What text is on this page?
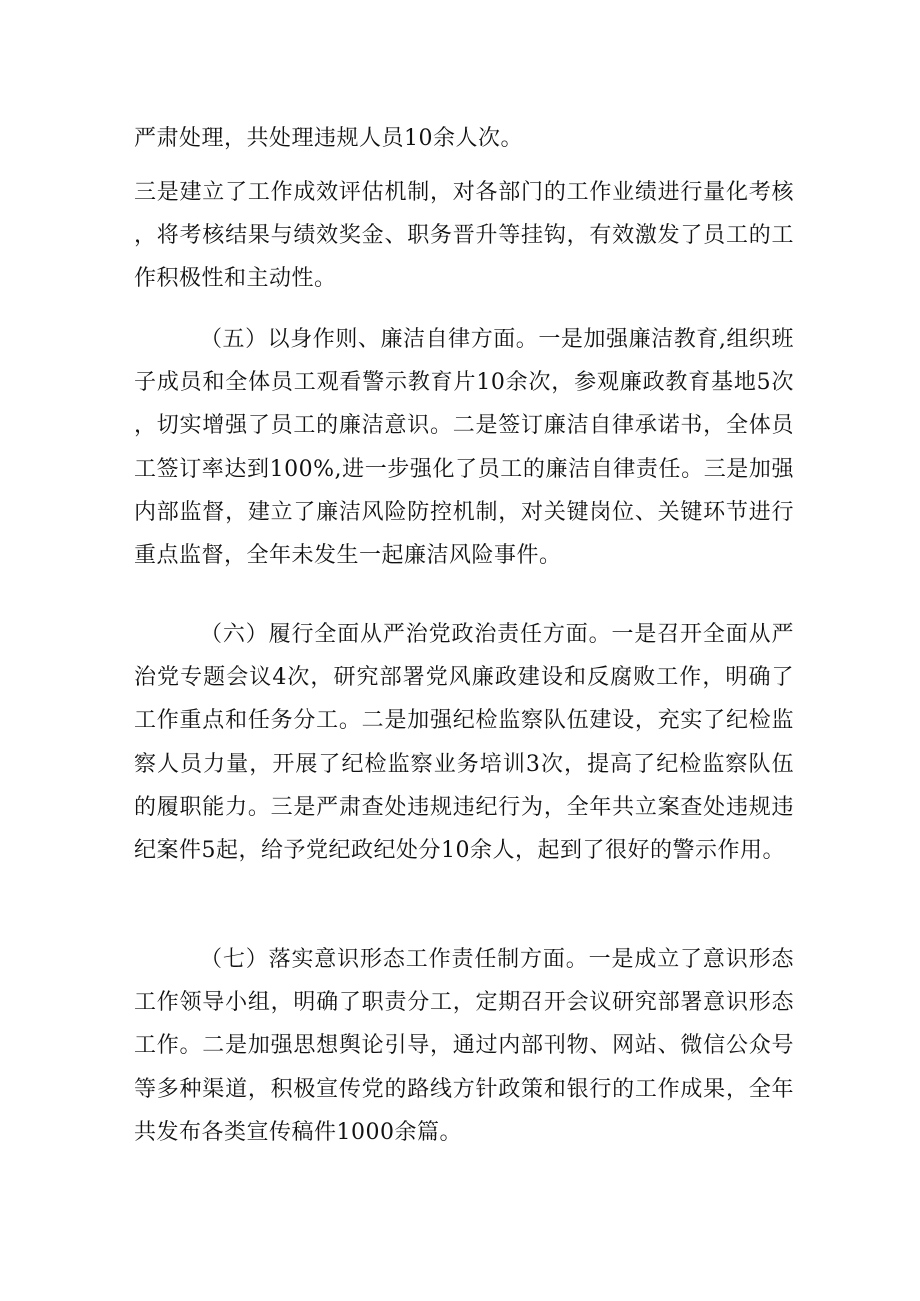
严肃处理，共处理违规人员10余人次。

三是建立了工作成效评估机制，对各部门的工作业绩进行量化考核，将考核结果与绩效奖金、职务晋升等挂钩，有效激发了员工的工作积极性和主动性。

（五）以身作则、廉洁自律方面。一是加强廉洁教育,组织班子成员和全体员工观看警示教育片10余次，参观廉政教育基地5次，切实增强了员工的廉洁意识。二是签订廉洁自律承诺书，全体员工签订率达到100%,进一步强化了员工的廉洁自律责任。三是加强内部监督，建立了廉洁风险防控机制，对关键岗位、关键环节进行重点监督，全年未发生一起廉洁风险事件。

（六）履行全面从严治党政治责任方面。一是召开全面从严治党专题会议4次，研究部署党风廉政建设和反腐败工作，明确了工作重点和任务分工。二是加强纪检监察队伍建设，充实了纪检监察人员力量，开展了纪检监察业务培训3次，提高了纪检监察队伍的履职能力。三是严肃查处违规违纪行为，全年共立案查处违规违纪案件5起，给予党纪政纪处分10余人，起到了很好的警示作用。

（七）落实意识形态工作责任制方面。一是成立了意识形态工作领导小组，明确了职责分工，定期召开会议研究部署意识形态工作。二是加强思想舆论引导，通过内部刊物、网站、微信公众号等多种渠道，积极宣传党的路线方针政策和银行的工作成果，全年共发布各类宣传稿件1000余篇。
